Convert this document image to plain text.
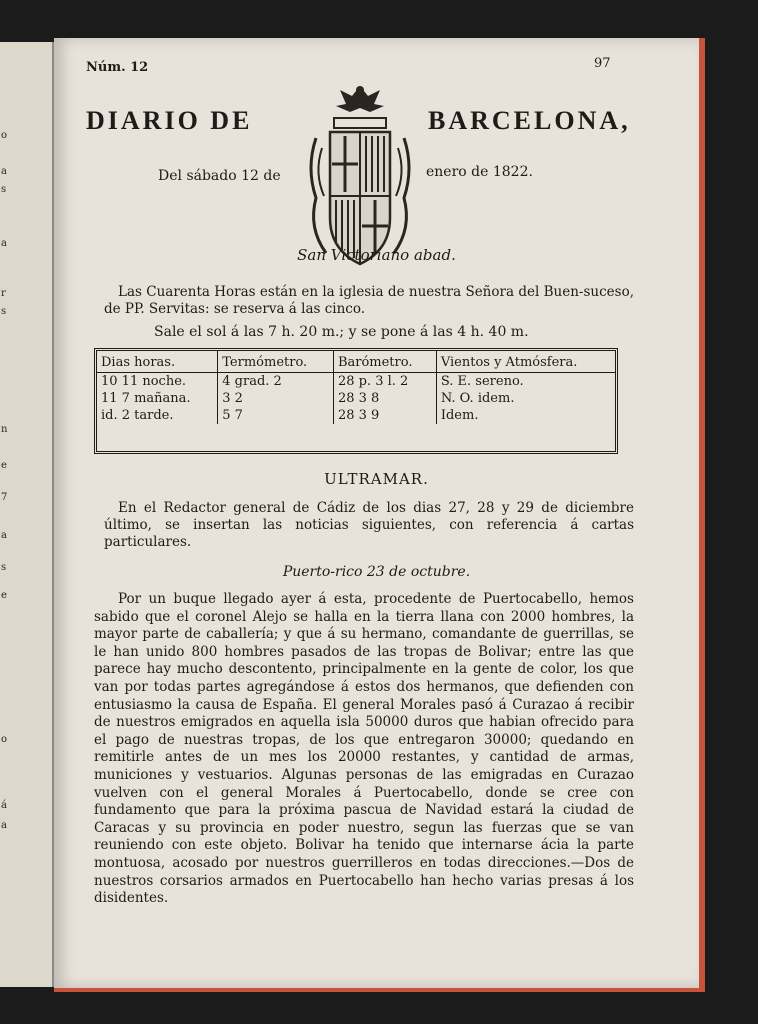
o
a
s
a
r
s
n
e
7
a
s
e
o
á
a
Núm. 12	97
DIARIO DE	BARCELONA,
Del sábado 12 de	enero de 1822.
San Victoriano abad.
Las Cuarenta Horas están en la iglesia de nuestra Señora del Buen-suceso, de PP. Servitas: se reserva á las cinco.
Sale el sol á las 7 h. 20 m.; y se pone á las 4 h. 40 m.
Dias horas.	Termómetro.	Barómetro.	Vientos y Atmósfera.
10 11 noche.	4 grad. 2	28 p. 3 l. 2	S. E. sereno.
11 7 mañana.	3 2	28 3 8	N. O. idem.
id. 2 tarde.	5 7	28 3 9	Idem.
ULTRAMAR.
En el Redactor general de Cádiz de los dias 27, 28 y 29 de diciembre último, se insertan las noticias siguientes, con referencia á cartas particulares.
Puerto-rico 23 de octubre.
Por un buque llegado ayer á esta, procedente de Puertocabello, hemos sabido que el coronel Alejo se halla en la tierra llana con 2000 hombres, la mayor parte de caballería; y que á su hermano, comandante de guerrillas, se le han unido 800 hombres pasados de las tropas de Bolivar; entre las que parece hay mucho descontento, principalmente en la gente de color, los que van por todas partes agregándose á estos dos hermanos, que defienden con entusiasmo la causa de España. El general Morales pasó á Curazao á recibir de nuestros emigrados en aquella isla 50000 duros que habian ofrecido para el pago de nuestras tropas, de los que entregaron 30000; quedando en remitirle antes de un mes los 20000 restantes, y cantidad de armas, municiones y vestuarios. Algunas personas de las emigradas en Curazao vuelven con el general Morales á Puertocabello, donde se cree con fundamento que para la próxima pascua de Navidad estará la ciudad de Caracas y su provincia en poder nuestro, segun las fuerzas que se van reuniendo con este objeto. Bolivar ha tenido que internarse ácia la parte montuosa, acosado por nuestros guerrilleros en todas direcciones.—Dos de nuestros corsarios armados en Puertocabello han hecho varias presas á los disidentes.
